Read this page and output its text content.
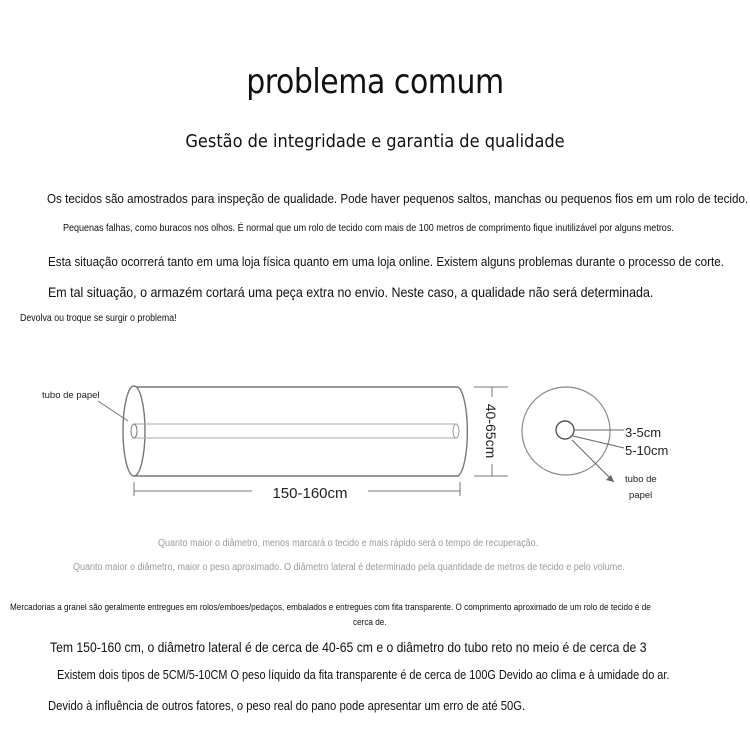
problema comum
Gestão de integridade e garantia de qualidade
Os tecidos são amostrados para inspeção de qualidade. Pode haver pequenos saltos, manchas ou pequenos fios em um rolo de tecido.
Pequenas falhas, como buracos nos olhos. É normal que um rolo de tecido com mais de 100 metros de comprimento fique inutilizável por alguns metros.
Esta situação ocorrerá tanto em uma loja física quanto em uma loja online. Existem alguns problemas durante o processo de corte.
Em tal situação, o armazém cortará uma peça extra no envio. Neste caso, a qualidade não será determinada.
Devolva ou troque se surgir o problema!
tubo de papel
150-160cm
40-65cm	3-5cm
5-10cm
tubo de
papel
Quanto maior o diâmetro, menos marcará o tecido e mais rápido será o tempo de recuperação.
Quanto maior o diâmetro, maior o peso aproximado. O diâmetro lateral é determinado pela quantidade de metros de tecido e pelo volume.
Mercadorias a granel são geralmente entregues em rolos/emboes/pedaços, embalados e entregues com fita transparente. O comprimento aproximado de um rolo de tecido é de
cerca de.
Tem 150-160 cm, o diâmetro lateral é de cerca de 40-65 cm e o diâmetro do tubo reto no meio é de cerca de 3
Existem dois tipos de 5CM/5-10CM O peso líquido da fita transparente é de cerca de 100G Devido ao clima e à umidade do ar.
Devido à influência de outros fatores, o peso real do pano pode apresentar um erro de até 50G.
